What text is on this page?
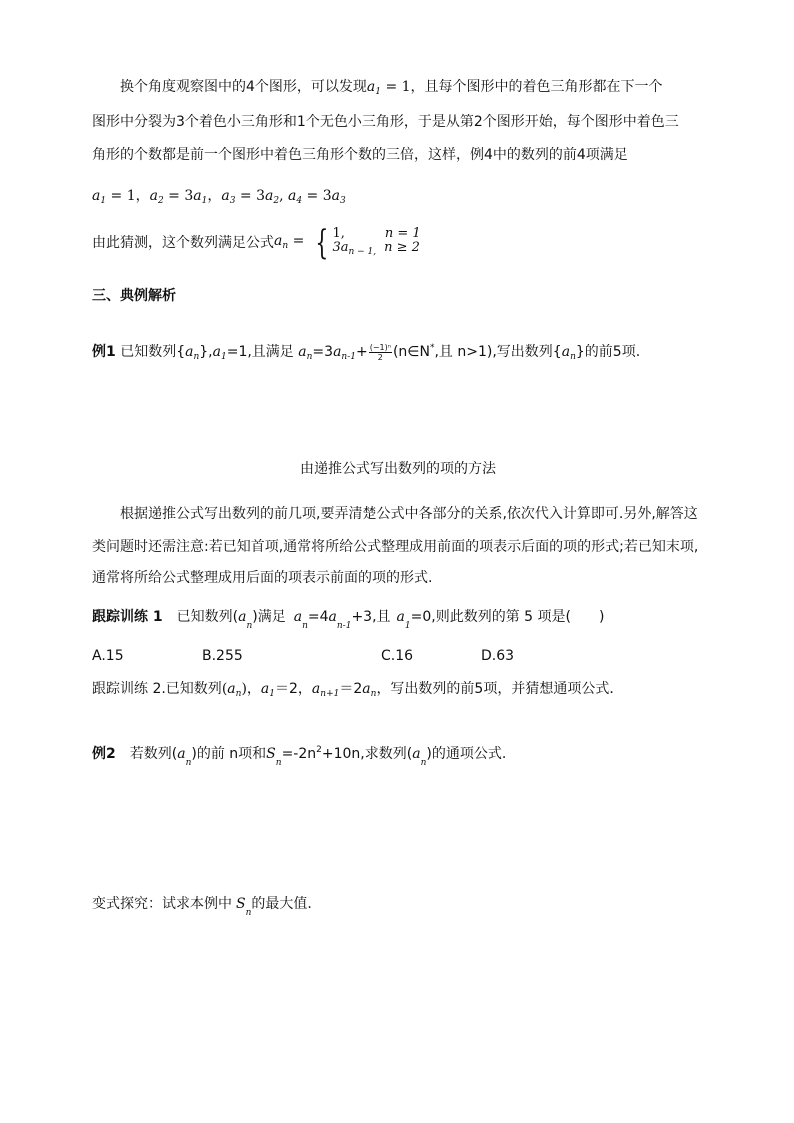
换个角度观察图中的4个图形，可以发现$a_1 = 1$，且每个图形中的着色三角形都在下一个
图形中分裂为3个着色小三角形和1个无色小三角形，于是从第2个图形开始，每个图形中着色三
角形的个数都是前一个图形中着色三角形个数的三倍，这样，例4中的数列的前4项满足
$a_1 = 1$，$a_2 = 3a_1$，$a_3 = 3a_2$, $a_4 = 3a_3$
由此猜测，这个数列满足公式$a_n$ = { 1,	n = 1
$3a_{n - 1,}$ n ≥ 2
三、典例解析
例1 已知数列$\{a_n\},a_1=1$,且满足 $a_n=3a_{n-1}+ \frac{\text{(−1)ⁿ}}{2}$ (n∈N*,且 n>1),写出数列$\{a_n\}$的前5项.
由递推公式写出数列的项的方法
根据递推公式写出数列的前几项,要弄清楚公式中各部分的关系,依次代入计算即可.另外,解答这
类问题时还需注意:若已知首项,通常将所给公式整理成用前面的项表示后面的项的形式;若已知末项,
通常将所给公式整理成用后面的项表示前面的项的形式.
跟踪训练 1 已知数列(an)满足 an=4an-1+3,且 a1=0,则此数列的第 5 项是(　　)
A.15	B.255	C.16	D.63
跟踪训练 2.已知数列$(a_n)$，$a_1=2$，$a_{n+1}=2a_n$，写出数列的前5项，并猜想通项公式．
例2 若数列(an)的前 n项和$Sn=-2n^2+10n$,求数列(an)的通项公式.
变式探究：试求本例中 Sn的最大值.
